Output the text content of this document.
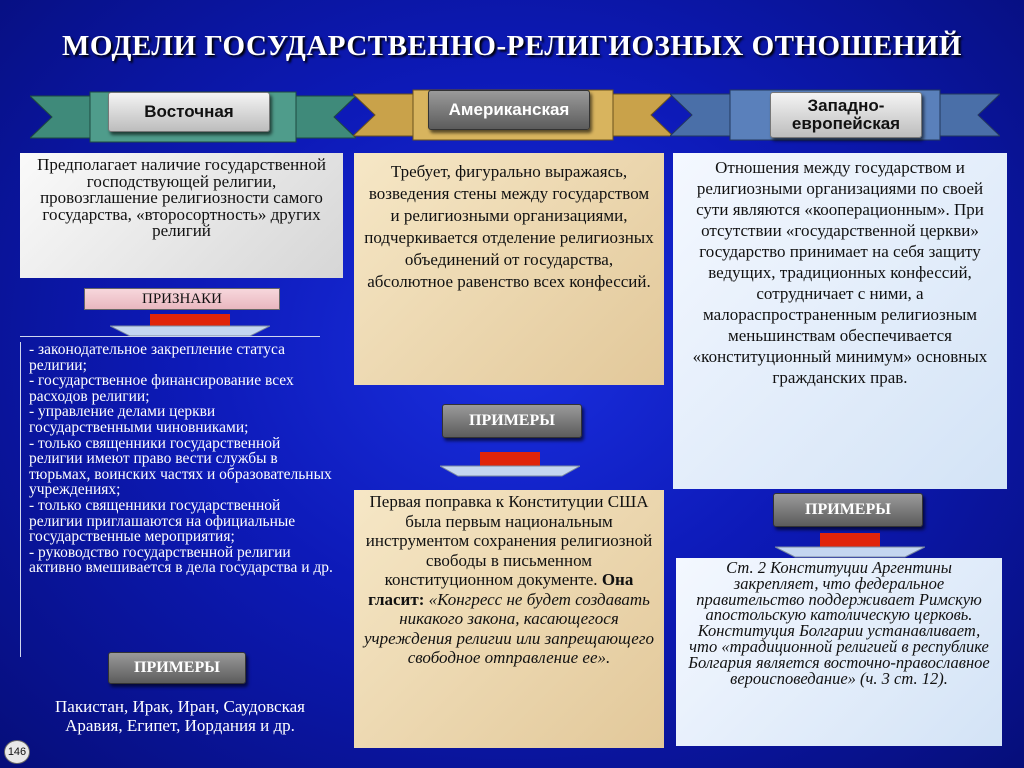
МОДЕЛИ ГОСУДАРСТВЕННО-РЕЛИГИОЗНЫХ ОТНОШЕНИЙ
Восточная	Американская	Западно-европейская
Предполагает наличие государственной господствующей религии, провозглашение религиозности самого государства, «второсортность» других религий
ПРИЗНАКИ
- законодательное закрепление статуса религии;
- государственное финансирование всех расходов религии;
- управление делами церкви государственными чиновниками;
- только священники государственной религии имеют право вести службы в тюрьмах, воинских частях и образовательных учреждениях;
- только священники государственной религии приглашаются на официальные государственные мероприятия;
- руководство государственной религии активно вмешивается в дела государства и др.
ПРИМЕРЫ
Пакистан, Ирак, Иран, Саудовская Аравия, Египет, Иордания и др.
Требует, фигурально выражаясь, возведения стены между государством и религиозными организациями, подчеркивается отделение религиозных объединений от государства, абсолютное равенство всех конфессий.
ПРИМЕРЫ
Первая поправка к Конституции США была первым национальным инструментом сохранения религиозной свободы в письменном конституционном документе. Она гласит: «Конгресс не будет создавать никакого закона, касающегося учреждения религии или запрещающего свободное отправление ее».
Отношения между государством и религиозными организациями по своей сути являются «кооперационным». При отсутствии «государственной церкви» государство принимает на себя защиту ведущих, традиционных конфессий, сотрудничает с ними, а малораспространенным религиозным меньшинствам обеспечивается «конституционный минимум» основных гражданских прав.
ПРИМЕРЫ
Ст. 2 Конституции Аргентины закрепляет, что федеральное правительство поддерживает Римскую апостольскую католическую церковь. Конституция Болгарии устанавливает, что «традиционной религией в республике Болгария является восточно-православное вероисповедание» (ч. 3 ст. 12).
146
